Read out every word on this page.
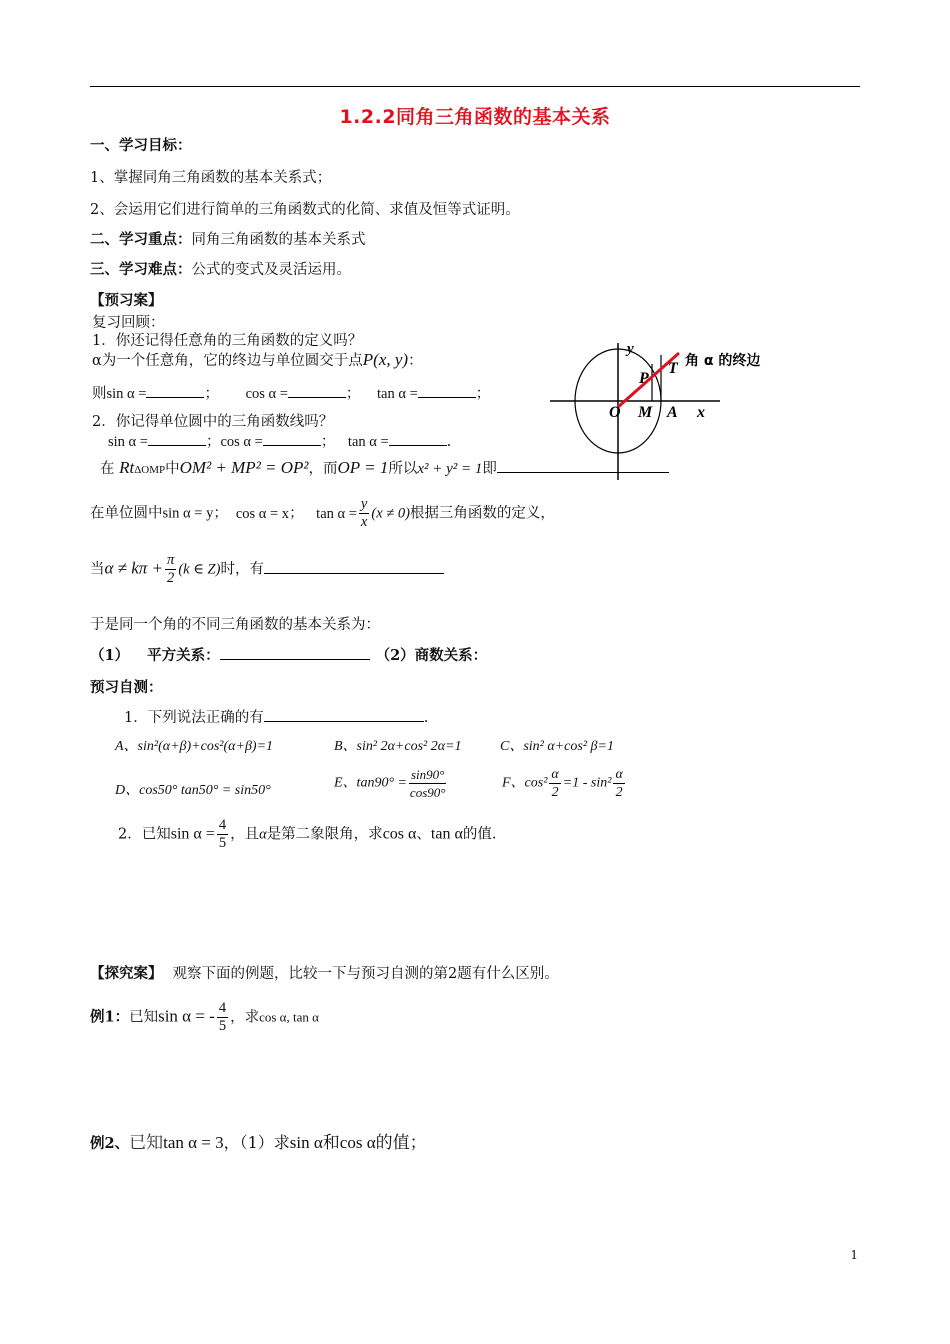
1.2.2同角三角函数的基本关系
一、学习目标：
1、掌握同角三角函数的基本关系式；
2、会运用它们进行简单的三角函数式的化简、求值及恒等式证明。
二、学习重点：同角三角函数的基本关系式
三、学习难点：公式的变式及灵活运用。
【预习案】
复习回顾：
1．你还记得任意角的三角函数的定义吗？
α为一个任意角，它的终边与单位圆交于点P(x, y)：
则sin α =	； cos α =	； tan α =	；
2．你记得单位圆中的三角函数线吗？
sin α =	；cos α =	； tan α =	.
在 RtΔOMP中OM² + MP² = OP²，而OP = 1所以x² + y² = 1即
在单位圆中sin α = y； cos α = x； $\tan \alpha = \frac{y}{x} (x \ne 0)$根据三角函数的定义，
当$\alpha \ne k\pi + \frac{\pi}{2} (k$ ∈ Z)时，有
于是同一个角的不同三角函数的基本关系为：
（1） 平方关系：	（2）商数关系：
预习自测：
1．下列说法正确的有	.
A、sin²(α+β)+cos²(α+β)=1	B、sin² 2α+cos² 2α=1	C、sin² α+cos² β=1
D、cos50° tan50° = sin50°	E、$\tan 90^\circ = \frac{\sin 90^\circ}{\cos 90^\circ}$	F、$\cos^2 \frac{\alpha}{2} =1 - \sin^2 \frac{\alpha}{2}$
2．已知$\sin \alpha = \frac{4}{5}$ ，且α是第二象限角，求cos α、tan α的值.
【探究案】 观察下面的例题，比较一下与预习自测的第2题有什么区别。
例1：已知sin α = - $\frac{4}{5}$ ，求cos α, tan α
例2、已知tan α = 3，（1）求sin α和cos α的值；
y
x
O M A
P
T 角 α 的终边
1
